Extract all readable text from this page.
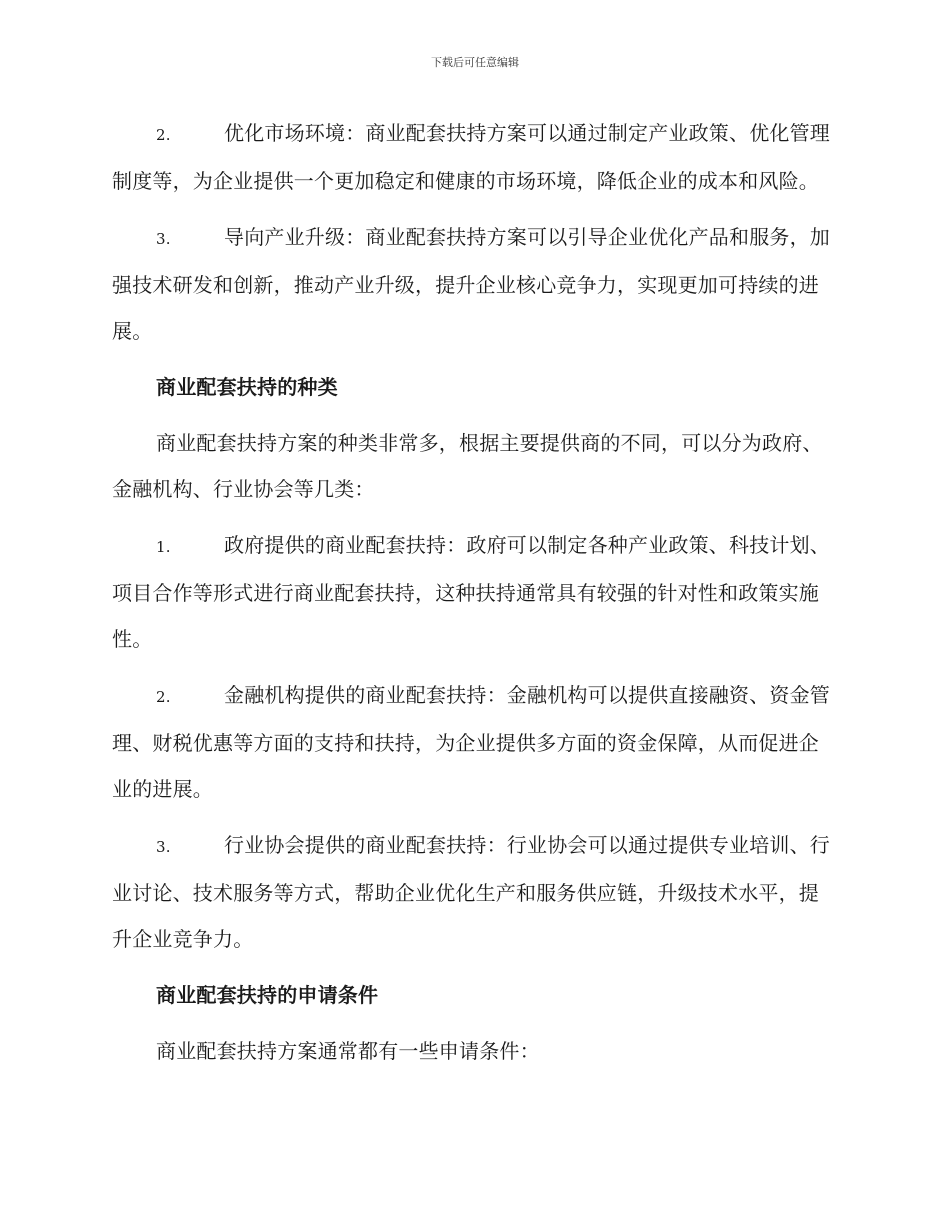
下载后可任意编辑
2.	优化市场环境：商业配套扶持方案可以通过制定产业政策、优化管理制度等，为企业提供一个更加稳定和健康的市场环境，降低企业的成本和风险。
3.	导向产业升级：商业配套扶持方案可以引导企业优化产品和服务，加强技术研发和创新，推动产业升级，提升企业核心竞争力，实现更加可持续的进展。
商业配套扶持的种类
商业配套扶持方案的种类非常多，根据主要提供商的不同，可以分为政府、金融机构、行业协会等几类：
1.	政府提供的商业配套扶持：政府可以制定各种产业政策、科技计划、项目合作等形式进行商业配套扶持，这种扶持通常具有较强的针对性和政策实施性。
2.	金融机构提供的商业配套扶持：金融机构可以提供直接融资、资金管理、财税优惠等方面的支持和扶持，为企业提供多方面的资金保障，从而促进企业的进展。
3.	行业协会提供的商业配套扶持：行业协会可以通过提供专业培训、行业讨论、技术服务等方式，帮助企业优化生产和服务供应链，升级技术水平，提升企业竞争力。
商业配套扶持的申请条件
商业配套扶持方案通常都有一些申请条件：
